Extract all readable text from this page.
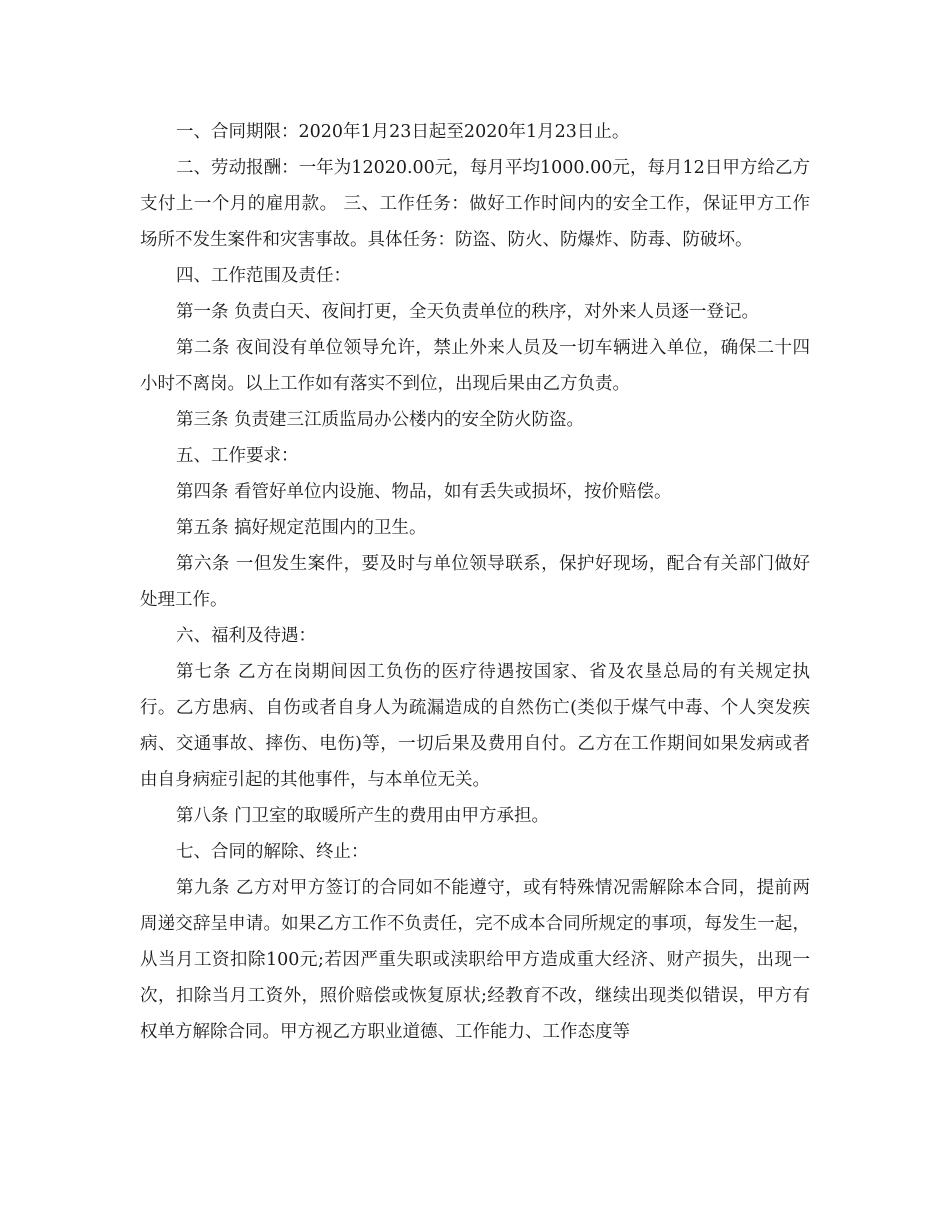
一、合同期限：2020年1月23日起至2020年1月23日止。

二、劳动报酬：一年为12020.00元，每月平均1000.00元，每月12日甲方给乙方支付上一个月的雇用款。 三、工作任务：做好工作时间内的安全工作，保证甲方工作场所不发生案件和灾害事故。具体任务：防盗、防火、防爆炸、防毒、防破坏。

四、工作范围及责任：

第一条 负责白天、夜间打更，全天负责单位的秩序，对外来人员逐一登记。

第二条 夜间没有单位领导允许，禁止外来人员及一切车辆进入单位，确保二十四小时不离岗。以上工作如有落实不到位，出现后果由乙方负责。

第三条 负责建三江质监局办公楼内的安全防火防盗。

五、工作要求：

第四条 看管好单位内设施、物品，如有丢失或损坏，按价赔偿。

第五条 搞好规定范围内的卫生。

第六条 一但发生案件，要及时与单位领导联系，保护好现场，配合有关部门做好处理工作。

六、福利及待遇：

第七条 乙方在岗期间因工负伤的医疗待遇按国家、省及农垦总局的有关规定执行。乙方患病、自伤或者自身人为疏漏造成的自然伤亡(类似于煤气中毒、个人突发疾病、交通事故、摔伤、电伤)等，一切后果及费用自付。乙方在工作期间如果发病或者由自身病症引起的其他事件，与本单位无关。

第八条 门卫室的取暖所产生的费用由甲方承担。

七、合同的解除、终止：

第九条 乙方对甲方签订的合同如不能遵守，或有特殊情况需解除本合同，提前两周递交辞呈申请。如果乙方工作不负责任，完不成本合同所规定的事项，每发生一起，从当月工资扣除100元;若因严重失职或渎职给甲方造成重大经济、财产损失，出现一次，扣除当月工资外，照价赔偿或恢复原状;经教育不改，继续出现类似错误，甲方有权单方解除合同。甲方视乙方职业道德、工作能力、工作态度等
